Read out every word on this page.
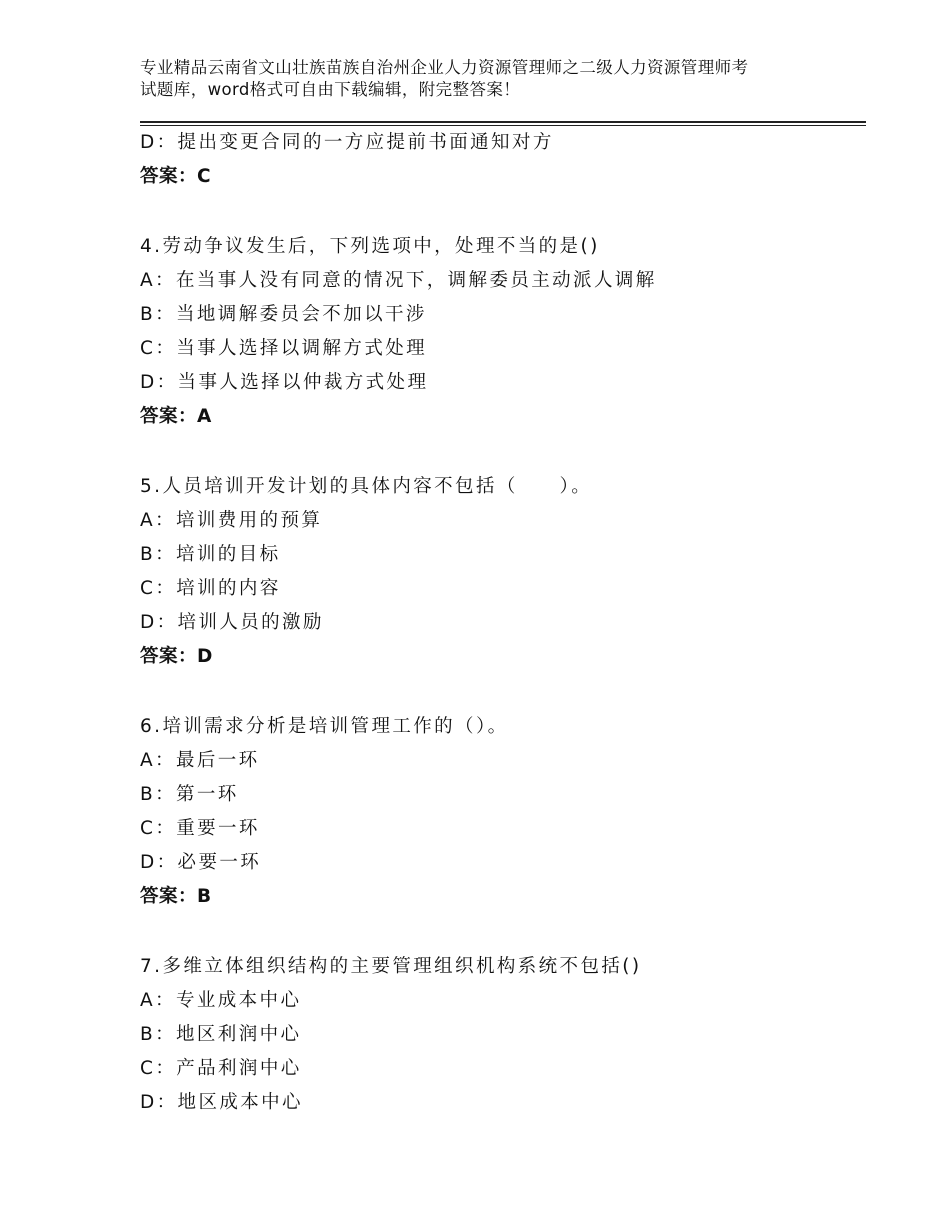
专业精品云南省文山壮族苗族自治州企业人力资源管理师之二级人力资源管理师考
试题库，word格式可自由下载编辑，附完整答案！
D：提出变更合同的一方应提前书面通知对方
答案：C
4.劳动争议发生后，下列选项中，处理不当的是()
A：在当事人没有同意的情况下，调解委员主动派人调解
B：当地调解委员会不加以干涉
C：当事人选择以调解方式处理
D：当事人选择以仲裁方式处理
答案：A
5.人员培训开发计划的具体内容不包括（　　）。
A：培训费用的预算
B：培训的目标
C：培训的内容
D：培训人员的激励
答案：D
6.培训需求分析是培训管理工作的（）。
A：最后一环
B：第一环
C：重要一环
D：必要一环
答案：B
7.多维立体组织结构的主要管理组织机构系统不包括()
A：专业成本中心
B：地区利润中心
C：产品利润中心
D：地区成本中心
